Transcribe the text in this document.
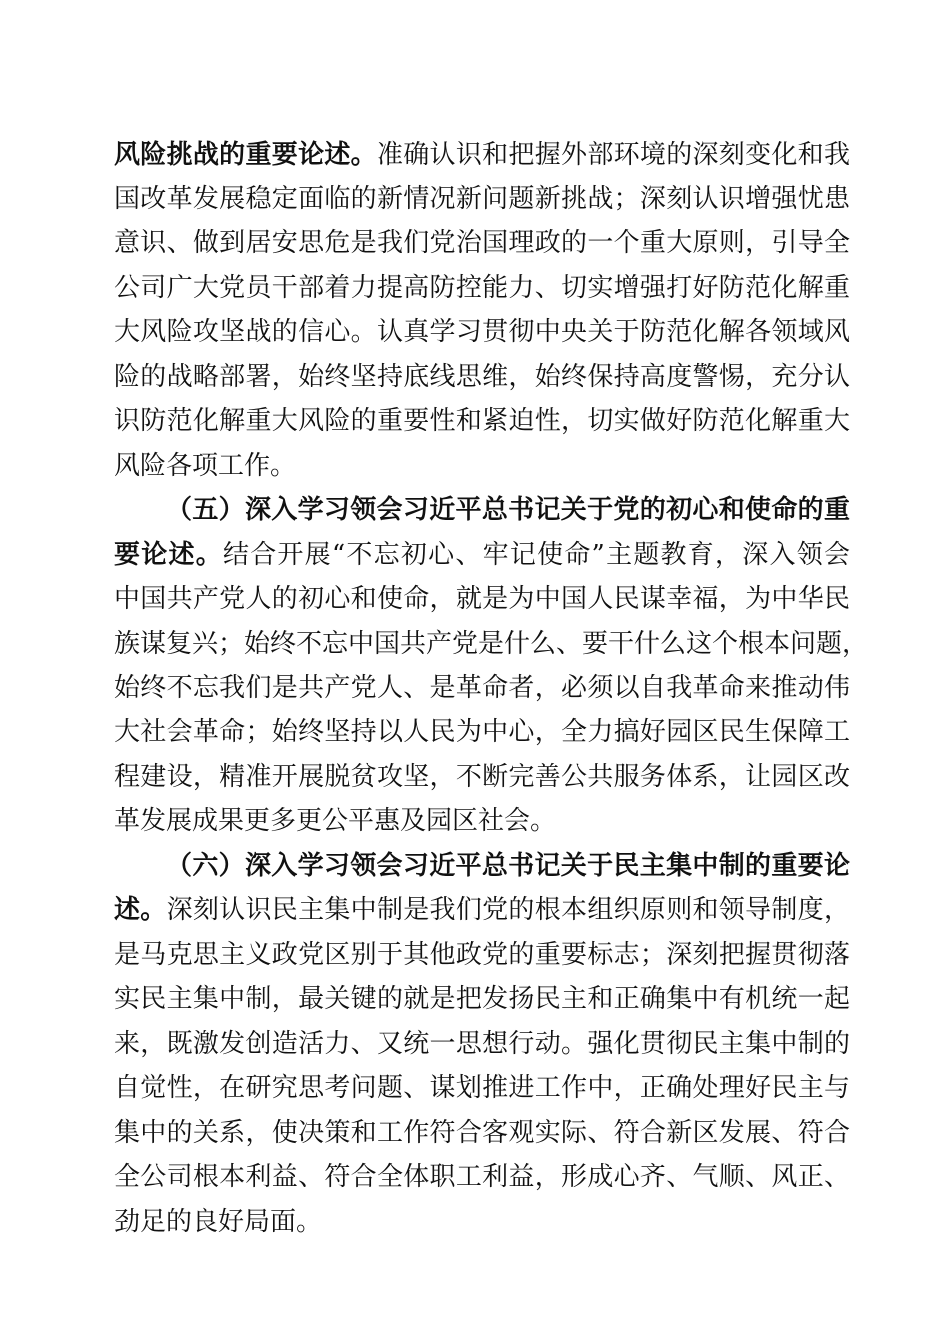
风险挑战的重要论述。准确认识和把握外部环境的深刻变化和我
国改革发展稳定面临的新情况新问题新挑战；深刻认识增强忧患
意识、做到居安思危是我们党治国理政的一个重大原则，引导全
公司广大党员干部着力提高防控能力、切实增强打好防范化解重
大风险攻坚战的信心。认真学习贯彻中央关于防范化解各领域风
险的战略部署，始终坚持底线思维，始终保持高度警惕，充分认
识防范化解重大风险的重要性和紧迫性，切实做好防范化解重大
风险各项工作。
（五）深入学习领会习近平总书记关于党的初心和使命的重
要论述。结合开展“不忘初心、牢记使命”主题教育，深入领会
中国共产党人的初心和使命，就是为中国人民谋幸福，为中华民
族谋复兴；始终不忘中国共产党是什么、要干什么这个根本问题，
始终不忘我们是共产党人、是革命者，必须以自我革命来推动伟
大社会革命；始终坚持以人民为中心，全力搞好园区民生保障工
程建设，精准开展脱贫攻坚，不断完善公共服务体系，让园区改
革发展成果更多更公平惠及园区社会。
（六）深入学习领会习近平总书记关于民主集中制的重要论
述。深刻认识民主集中制是我们党的根本组织原则和领导制度，
是马克思主义政党区别于其他政党的重要标志；深刻把握贯彻落
实民主集中制，最关键的就是把发扬民主和正确集中有机统一起
来，既激发创造活力、又统一思想行动。强化贯彻民主集中制的
自觉性，在研究思考问题、谋划推进工作中，正确处理好民主与
集中的关系，使决策和工作符合客观实际、符合新区发展、符合
全公司根本利益、符合全体职工利益，形成心齐、气顺、风正、
劲足的良好局面。
